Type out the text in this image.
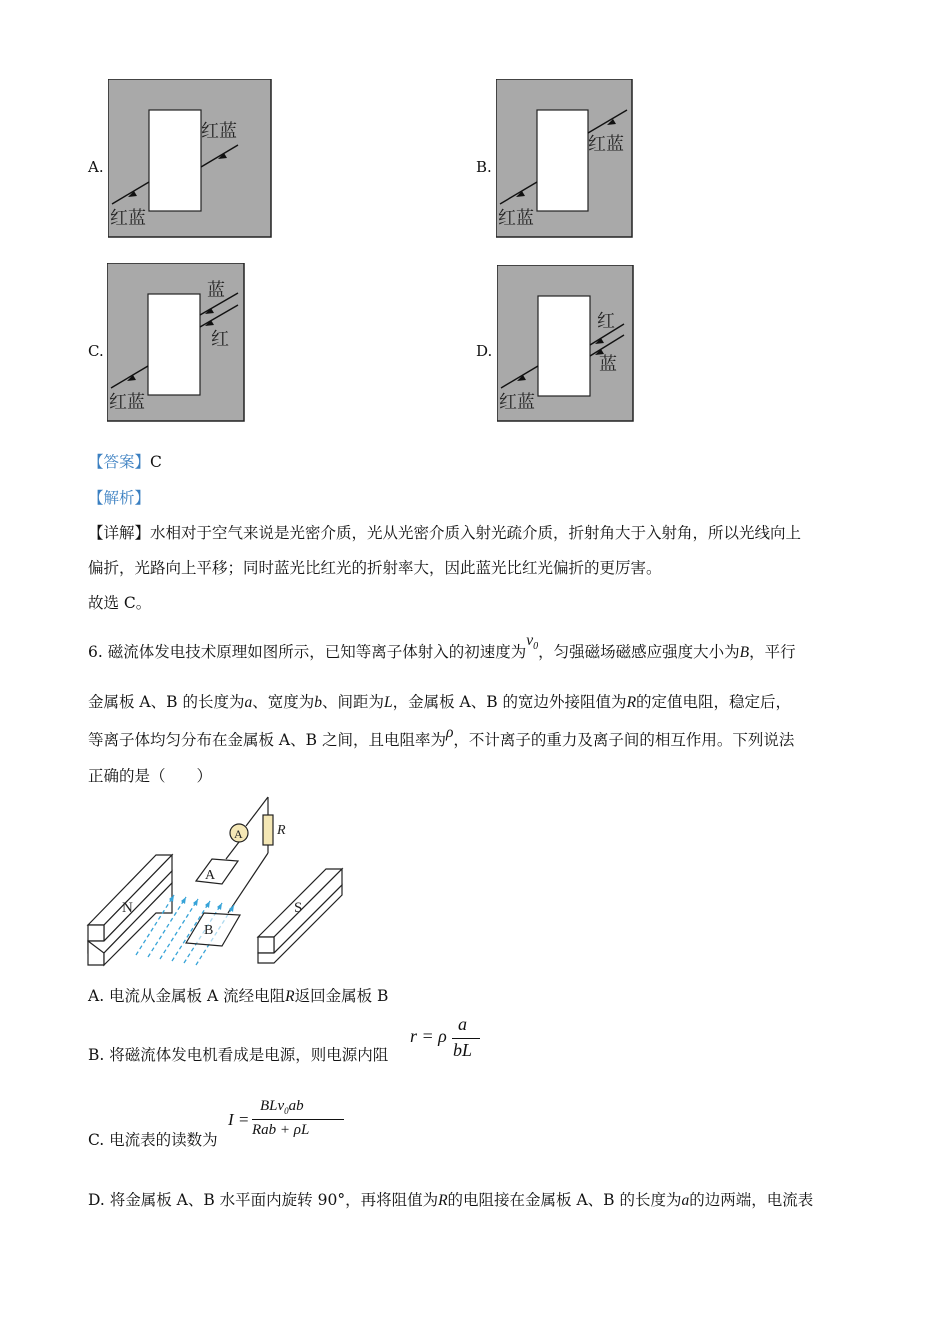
A.
红蓝
红蓝
B.
红蓝
红蓝
C.
红蓝
蓝
红
D.
红蓝
红
蓝
【答案】C
【解析】
【详解】水相对于空气来说是光密介质，光从光密介质入射光疏介质，折射角大于入射角，所以光线向上
偏折，光路向上平移；同时蓝光比红光的折射率大，因此蓝光比红光偏折的更厉害。
故选 C。
6. 磁流体发电技术原理如图所示，已知等离子体射入的初速度为$v_0$，匀强磁场磁感应强度大小为B，平行
金属板 A、B 的长度为a、宽度为b、间距为L，金属板 A、B 的宽边外接阻值为R的定值电阻，稳定后，
等离子体均匀分布在金属板 A、B 之间，且电阻率为ρ，不计离子的重力及离子间的相互作用。下列说法
正确的是（　　）
A R
N
A
B
S
A. 电流从金属板 A 流经电阻R返回金属板 B
B. 将磁流体发电机看成是电源，则电源内阻
r = ρ
a
bL
C. 电流表的读数为
I =
BLv$_0$ab
Rab + ρL
D. 将金属板 A、B 水平面内旋转 90°，再将阻值为R的电阻接在金属板 A、B 的长度为a的边两端，电流表
